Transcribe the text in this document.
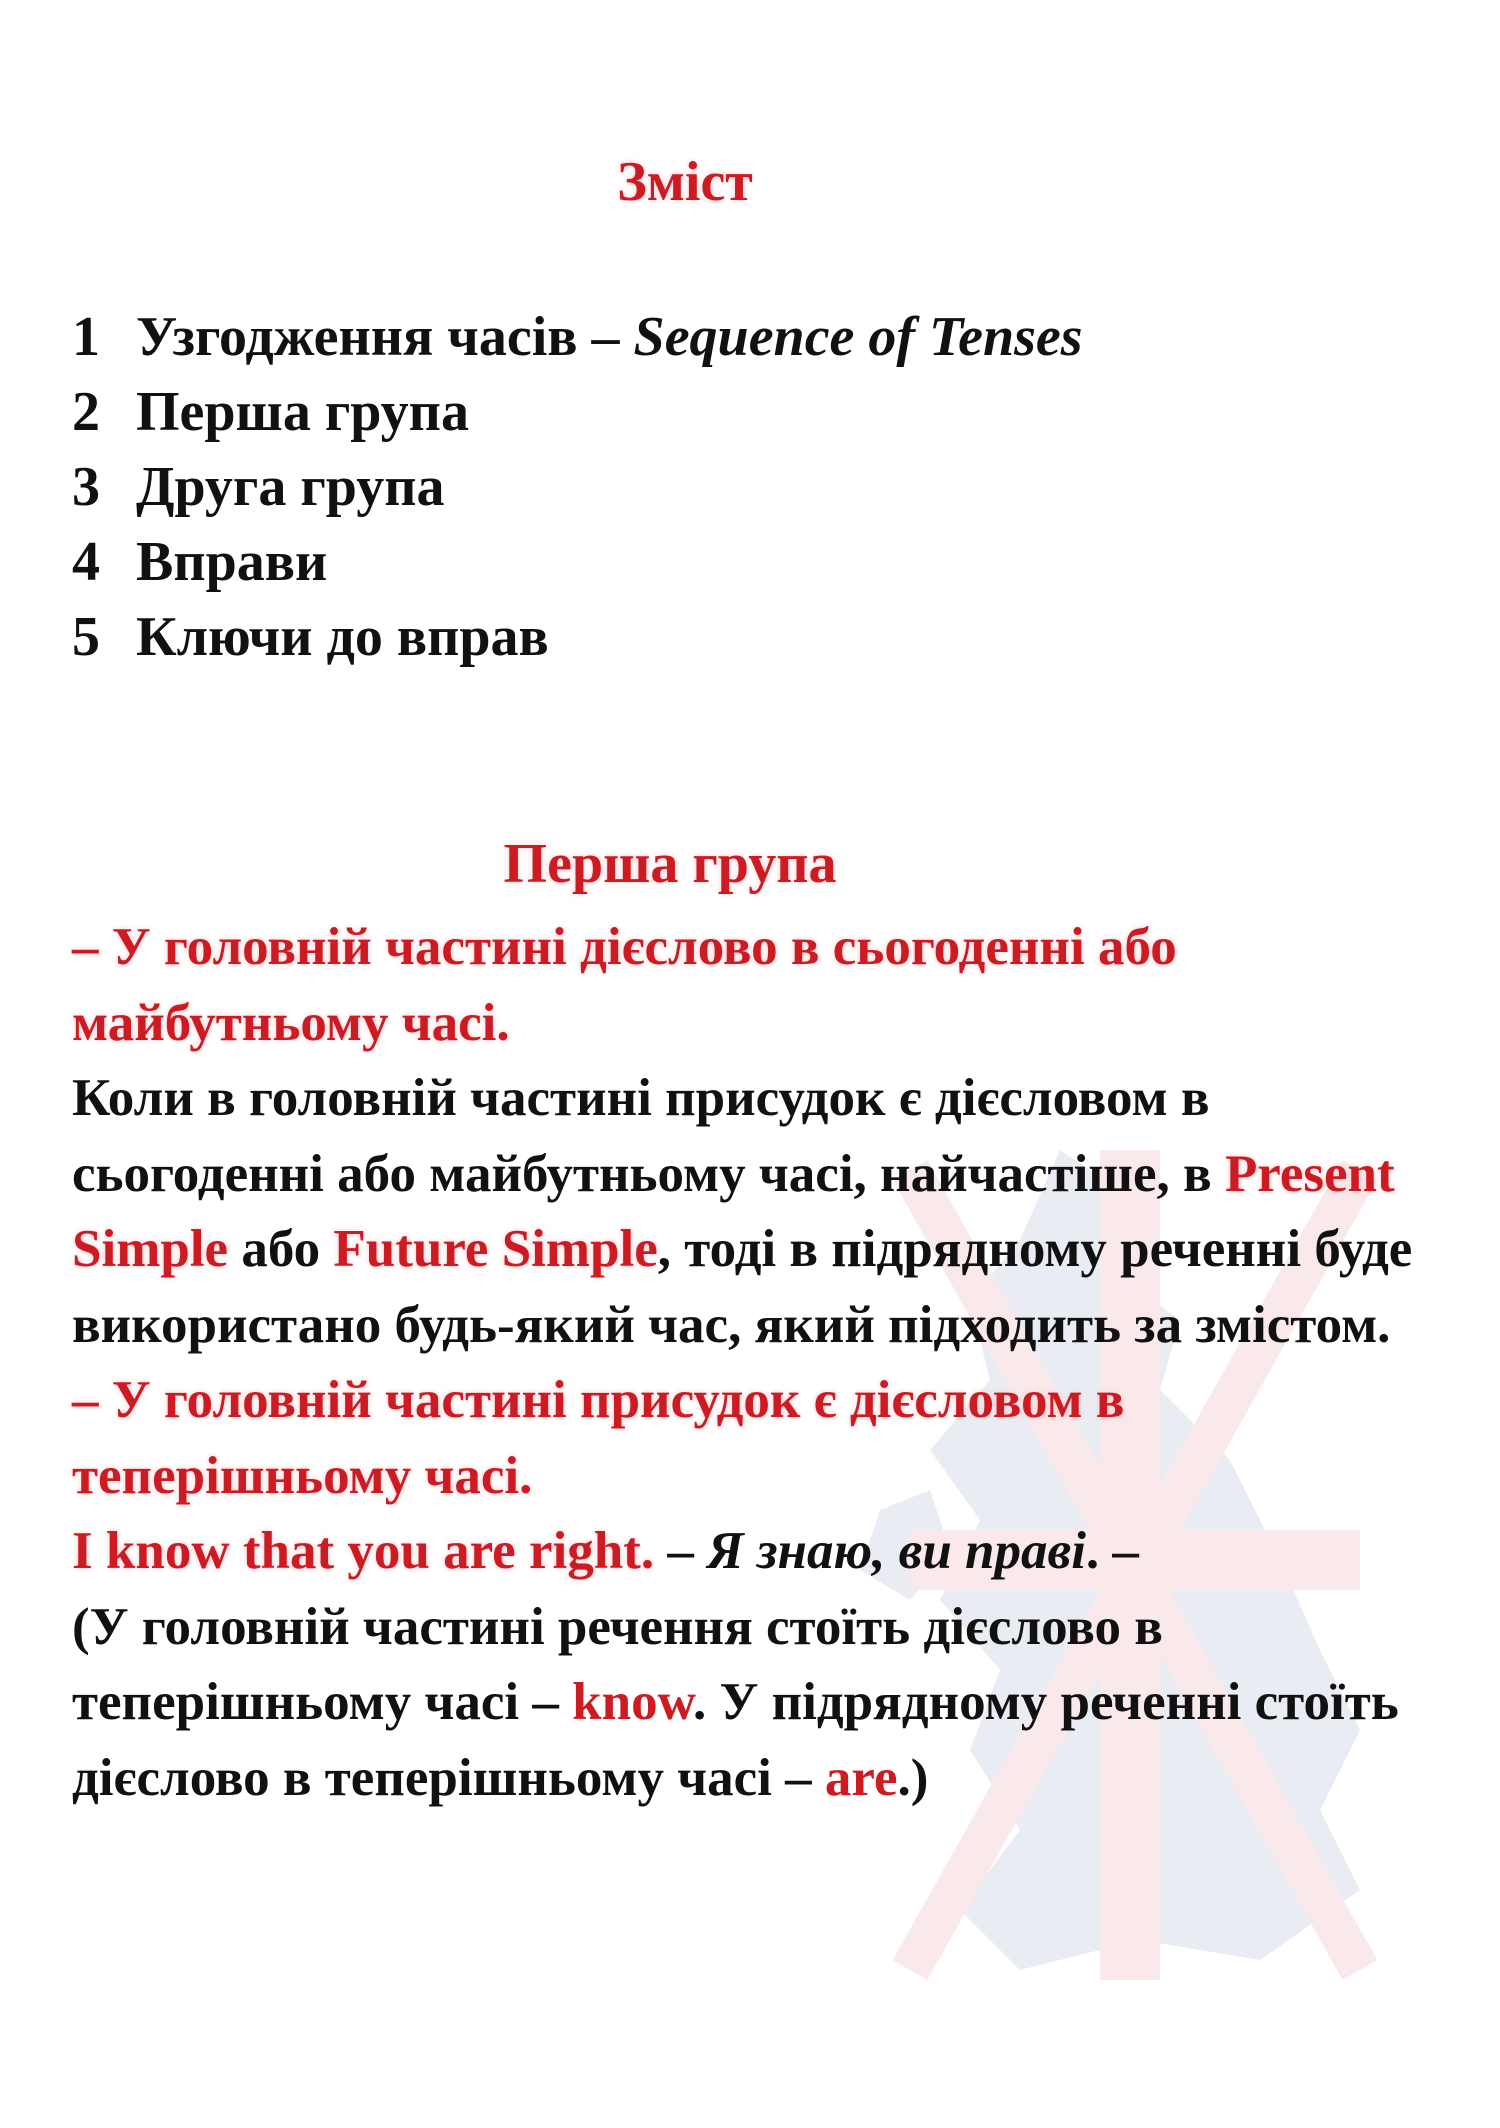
Зміст
1 Узгодження часів – Sequence of Tenses
2 Перша група
3 Друга група
4 Вправи
5 Ключи до вправ
Перша група

– У головній частині дієслово в сьогоденні або майбутньому часі.

Коли в головній частині присудок є дієсловом в сьогоденні або майбутньому часі, найчастіше, в Present Simple або Future Simple, тоді в підрядному реченні буде використано будь-який час, який підходить за змістом.

– У головній частині присудок є дієсловом в теперішньому часі.

I know that you are right. – Я знаю, ви праві. –

(У головній частині речення стоїть дієслово в теперішньому часі – know. У підрядному реченні стоїть дієслово в теперішньому часі – are.)
